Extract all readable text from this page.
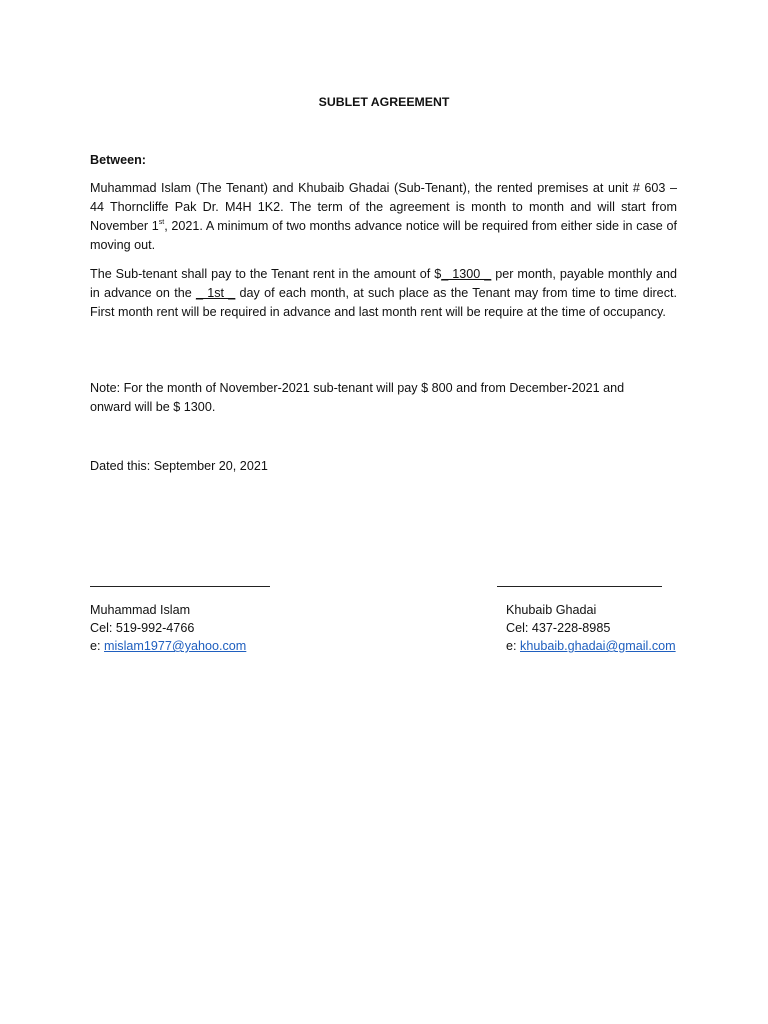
SUBLET AGREEMENT
Between:
Muhammad Islam (The Tenant) and Khubaib Ghadai (Sub-Tenant), the rented premises at unit # 603 – 44 Thorncliffe Pak Dr. M4H 1K2. The term of the agreement is month to month and will start from November 1st, 2021. A minimum of two months advance notice will be required from either side in case of moving out.
The Sub-tenant shall pay to the Tenant rent in the amount of $_ 1300 _ per month, payable monthly and in advance on the _ 1st _ day of each month, at such place as the Tenant may from time to time direct. First month rent will be required in advance and last month rent will be require at the time of occupancy.
Note: For the month of November-2021 sub-tenant will pay $ 800 and from December-2021 and onward will be $ 1300.
Dated this: September 20, 2021
Muhammad Islam
Cel: 519-992-4766
e: mislam1977@yahoo.com
Khubaib Ghadai
Cel: 437-228-8985
e: khubaib.ghadai@gmail.com
